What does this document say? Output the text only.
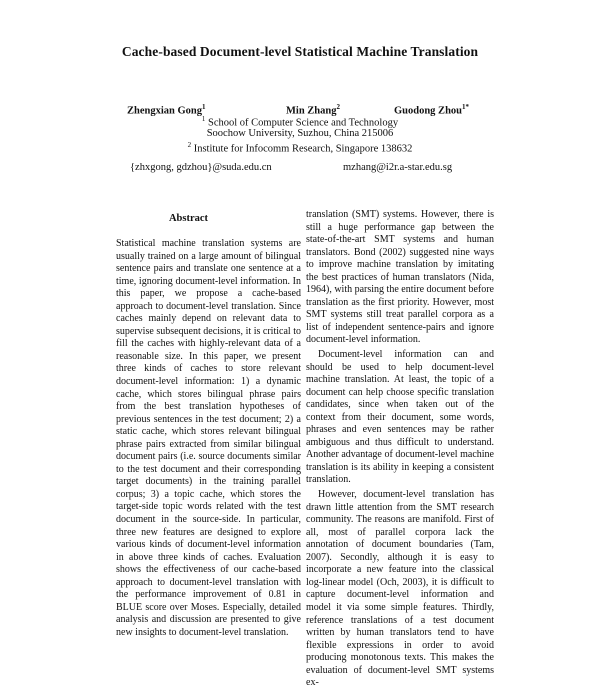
Cache-based Document-level Statistical Machine Translation
Zhengxian Gong$^1$	Min Zhang$^2$	Guodong Zhou$^{1*}$
$^1$ School of Computer Science and Technology
Soochow University, Suzhou, China 215006
$^2$ Institute for Infocomm Research, Singapore 138632
{zhxgong, gdzhou}@suda.edu.cn	mzhang@i2r.a-star.edu.sg
Abstract

Statistical machine translation systems are usually trained on a large amount of bilingual sentence pairs and translate one sentence at a time, ignoring document-level information. In this paper, we propose a cache-based approach to document-level translation. Since caches mainly depend on relevant data to supervise subsequent decisions, it is critical to fill the caches with highly-relevant data of a reasonable size. In this paper, we present three kinds of caches to store relevant document-level information: 1) a dynamic cache, which stores bilingual phrase pairs from the best translation hypotheses of previous sentences in the test document; 2) a static cache, which stores relevant bilingual phrase pairs extracted from similar bilingual document pairs (i.e. source documents similar to the test document and their corresponding target documents) in the training parallel corpus; 3) a topic cache, which stores the target-side topic words related with the test document in the source-side. In particular, three new features are designed to explore various kinds of document-level information in above three kinds of caches. Evaluation shows the effectiveness of our cache-based approach to document-level translation with the performance improvement of 0.81 in BLUE score over Moses. Especially, detailed analysis and discussion are presented to give new insights to document-level translation.

translation (SMT) systems. However, there is still a huge performance gap between the state-of-the-art SMT systems and human translators. Bond (2002) suggested nine ways to improve machine translation by imitating the best practices of human translators (Nida, 1964), with parsing the entire document before translation as the first priority. However, most SMT systems still treat parallel corpora as a list of independent sentence-pairs and ignore document-level information.

Document-level information can and should be used to help document-level machine translation. At least, the topic of a document can help choose specific translation candidates, since when taken out of the context from their document, some words, phrases and even sentences may be rather ambiguous and thus difficult to understand. Another advantage of document-level machine translation is its ability in keeping a consistent translation.

However, document-level translation has drawn little attention from the SMT research community. The reasons are manifold. First of all, most of parallel corpora lack the annotation of document boundaries (Tam, 2007). Secondly, although it is easy to incorporate a new feature into the classical log-linear model (Och, 2003), it is difficult to capture document-level information and model it via some simple features. Thirdly, reference translations of a test document written by human translators tend to have flexible expressions in order to avoid producing monotonous texts. This makes the evaluation of document-level SMT systems ex-
